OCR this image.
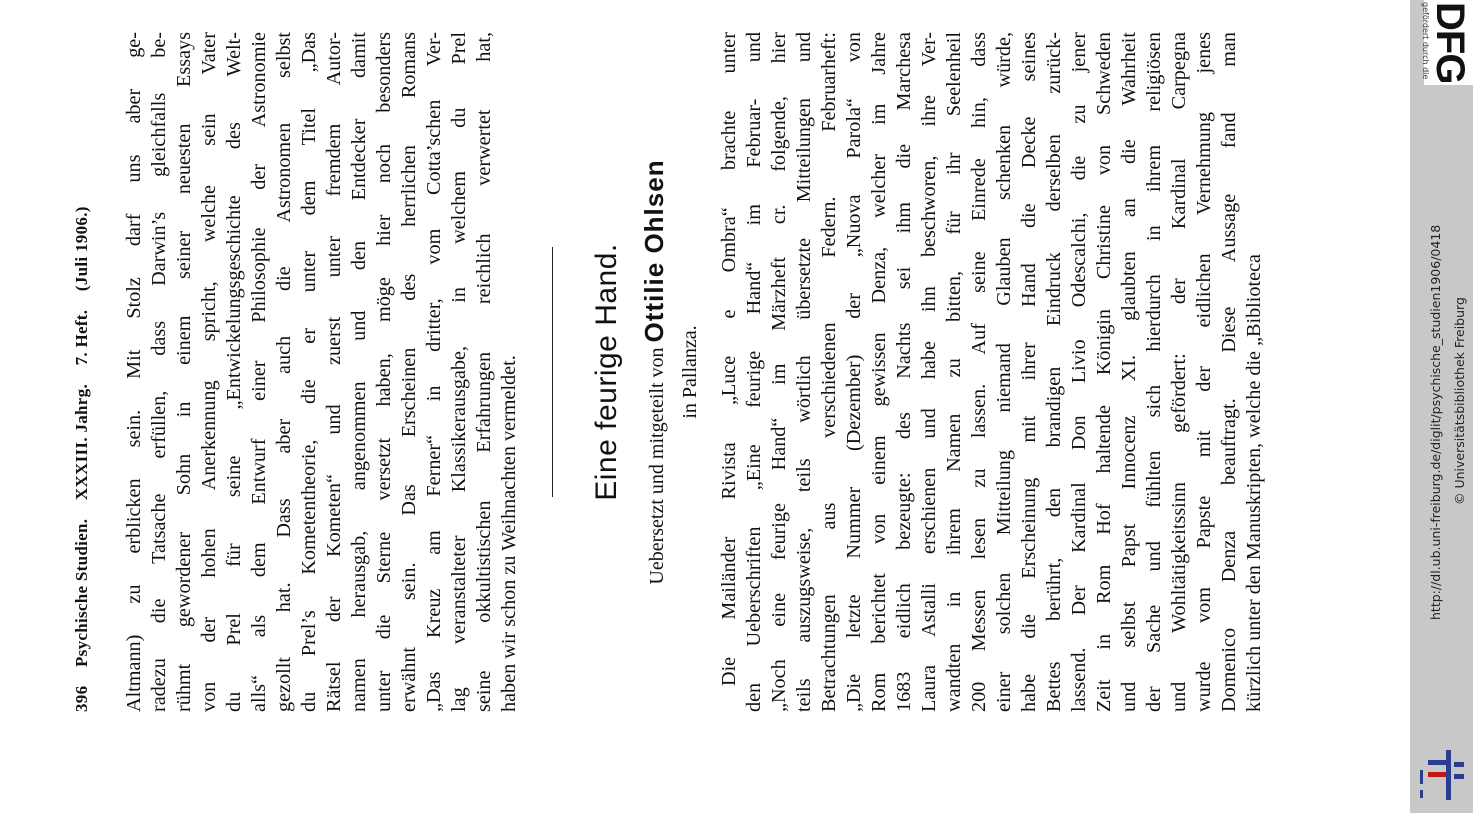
396 Psychische Studien. XXXIII. Jahrg. 7. Heft. (Juli 1906.)	Altmann) zu erblicken sein. Mit Stolz darf uns aber ge- radezu die Tatsache erfüllen, dass Darwin’s gleichfalls be- rühmt gewordener Sohn in einem seiner neuesten Essays von der hohen Anerkennung spricht, welche sein Vater du Prel für seine „Entwickelungsgeschichte des Welt- alls“ als dem Entwurf einer Philosophie der Astronomie gezollt hat. Dass aber auch die Astronomen selbst du Prel’s Kometentheorie, die er unter dem Titel „Das Rätsel der Kometen“ und zuerst unter fremdem Autor- namen herausgab, angenommen und den Entdecker damit unter die Sterne versetzt haben, möge hier noch besonders erwähnt sein. Das Erscheinen des herrlichen Romans „Das Kreuz am Ferner“ in dritter, vom Cotta’schen Ver- lag veranstalteter Klassikerausgabe, in welchem du Prel seine okkultistischen Erfahrungen reichlich verwertet hat, haben wir schon zu Weihnachten vermeldet. Eine feurige Hand.	Uebersetzt und mitgeteilt von Ottilie Ohlsen
in Pallanza. Die Mailänder Rivista „Luce e Ombra“ brachte unter den Ueberschriften „Eine feurige Hand“ im Februar- und „Noch eine feurige Hand“ im Märzheft cr. folgende, hier teils auszugsweise, teils wörtlich übersetzte Mitteilungen und Betrachtungen aus verschiedenen Federn. Februarheft: „Die letzte Nummer (Dezember) der „Nuova Parola“ von Rom berichtet von einem gewissen Denza, welcher im Jahre 1683 eidlich bezeugte: des Nachts sei ihm die Marchesa Laura Astalli erschienen und habe ihn beschworen, ihre Ver- wandten in ihrem Namen zu bitten, für ihr Seelenheil 200 Messen lesen zu lassen. Auf seine Einrede hin, dass einer solchen Mitteilung niemand Glauben schenken würde, habe die Erscheinung mit ihrer Hand die Decke seines Bettes berührt, den brandigen Eindruck derselben zurück- lassend. Der Kardinal Don Livio Odescalchi, die zu jener Zeit in Rom Hof haltende Königin Christine von Schweden und selbst Papst Innocenz XI. glaubten an die Wahrheit der Sache und fühlten sich hierdurch in ihrem religiösen und Wohltätigkeitssinn gefördert: der Kardinal Carpegna wurde vom Papste mit der eidlichen Vernehmung jenes Domenico Denza beauftragt. Diese Aussage fand man kürzlich unter den Manuskripten, welche die „Biblioteca
DFG
gefördert durch die
http://dl.ub.uni-freiburg.de/diglit/psychische_studien1906/0418 © Universitätsbibliothek Freiburg
